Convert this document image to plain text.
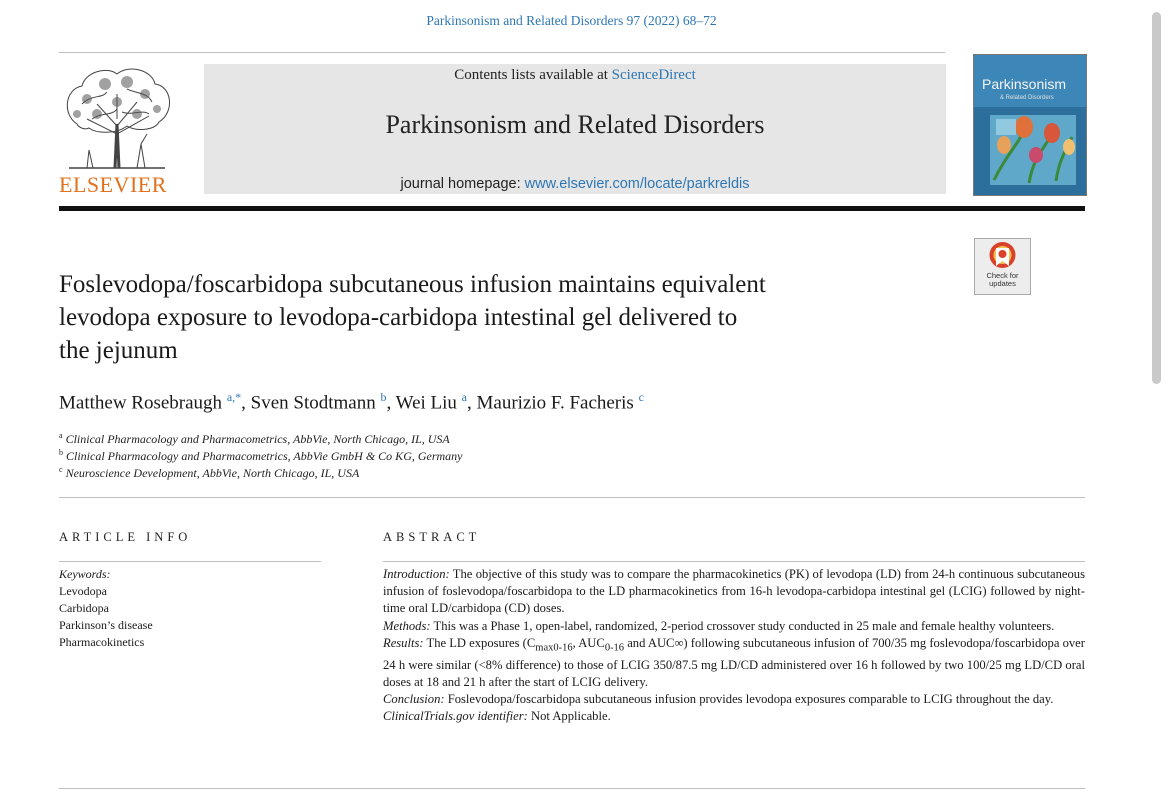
Parkinsonism and Related Disorders 97 (2022) 68–72
ELSEVIER
Contents lists available at ScienceDirect
Parkinsonism and Related Disorders
journal homepage: www.elsevier.com/locate/parkreldis
Parkinsonism
& Related Disorders
Check for
updates
Foslevodopa/foscarbidopa subcutaneous infusion maintains equivalent
levodopa exposure to levodopa-carbidopa intestinal gel delivered to
the jejunum
Matthew Rosebraugh $^{a,*}$, Sven Stodtmann $^b$, Wei Liu $^a$, Maurizio F. Facheris $^c$
$^a$ Clinical Pharmacology and Pharmacometrics, AbbVie, North Chicago, IL, USA
$^b$ Clinical Pharmacology and Pharmacometrics, AbbVie GmbH & Co KG, Germany
$^c$ Neuroscience Development, AbbVie, North Chicago, IL, USA
ARTICLE INFO
Keywords:
Levodopa
Carbidopa
Parkinson’s disease
Pharmacokinetics
ABSTRACT

Introduction: The objective of this study was to compare the pharmacokinetics (PK) of levodopa (LD) from 24-h continuous subcutaneous infusion of foslevodopa/foscarbidopa to the LD pharmacokinetics from 16-h levodopa-carbidopa intestinal gel (LCIG) followed by night-time oral LD/carbidopa (CD) doses.

Methods: This was a Phase 1, open-label, randomized, 2-period crossover study conducted in 25 male and female healthy volunteers.

Results: The LD exposures ($C_{max0-16}$, $AUC_{0-16}$ and AUC∞) following subcutaneous infusion of 700/35 mg foslevodopa/foscarbidopa over 24 h were similar (<8% difference) to those of LCIG 350/87.5 mg LD/CD administered over 16 h followed by two 100/25 mg LD/CD oral doses at 18 and 21 h after the start of LCIG delivery.

Conclusion: Foslevodopa/foscarbidopa subcutaneous infusion provides levodopa exposures comparable to LCIG throughout the day.

ClinicalTrials.gov identifier: Not Applicable.
